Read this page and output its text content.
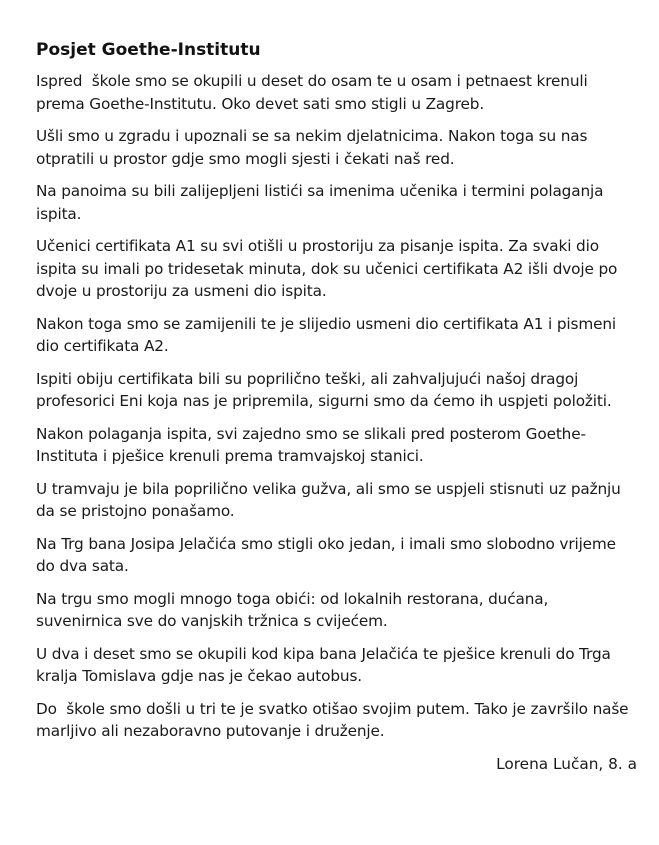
Posjet Goethe-Institutu

Ispred  škole smo se okupili u deset do osam te u osam i petnaest krenuli prema Goethe-Institutu. Oko devet sati smo stigli u Zagreb.

Ušli smo u zgradu i upoznali se sa nekim djelatnicima. Nakon toga su nas otpratili u prostor gdje smo mogli sjesti i čekati naš red.

Na panoima su bili zalijepljeni listići sa imenima učenika i termini polaganja ispita.

Učenici certifikata A1 su svi otišli u prostoriju za pisanje ispita. Za svaki dio ispita su imali po tridesetak minuta, dok su učenici certifikata A2 išli dvoje po dvoje u prostoriju za usmeni dio ispita.

Nakon toga smo se zamijenili te je slijedio usmeni dio certifikata A1 i pismeni dio certifikata A2.

Ispiti obiju certifikata bili su poprilično teški, ali zahvaljujući našoj dragoj profesorici Eni koja nas je pripremila, sigurni smo da ćemo ih uspjeti položiti.

Nakon polaganja ispita, svi zajedno smo se slikali pred posterom Goethe-Instituta i pješice krenuli prema tramvajskoj stanici.

U tramvaju je bila poprilično velika gužva, ali smo se uspjeli stisnuti uz pažnju da se pristojno ponašamo.

Na Trg bana Josipa Jelačića smo stigli oko jedan, i imali smo slobodno vrijeme do dva sata.

Na trgu smo mogli mnogo toga obići: od lokalnih restorana, dućana, suvenirnica sve do vanjskih tržnica s cvijećem.

U dva i deset smo se okupili kod kipa bana Jelačića te pješice krenuli do Trga kralja Tomislava gdje nas je čekao autobus.

Do  škole smo došli u tri te je svatko otišao svojim putem. Tako je završilo naše marljivo ali nezaboravno putovanje i druženje.

Lorena Lučan, 8. a
